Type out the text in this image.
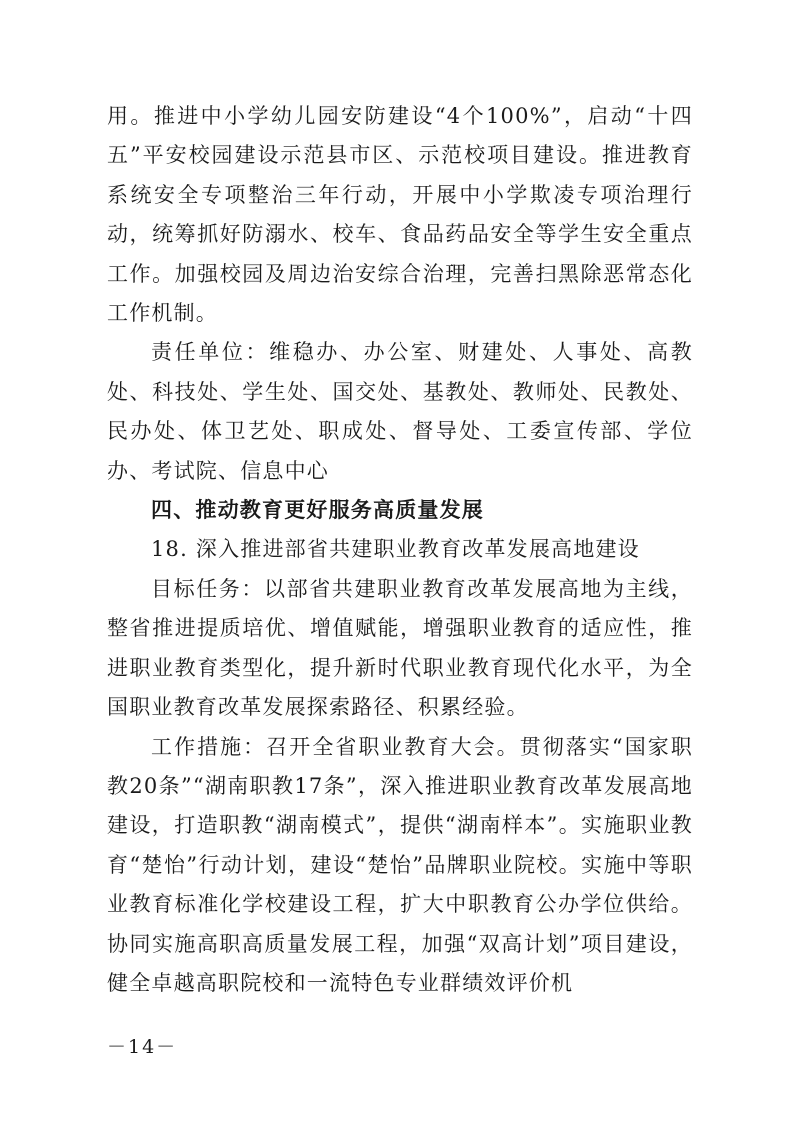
用。推进中小学幼儿园安防建设“4个100%”，启动“十四五”平安校园建设示范县市区、示范校项目建设。推进教育系统安全专项整治三年行动，开展中小学欺凌专项治理行动，统筹抓好防溺水、校车、食品药品安全等学生安全重点工作。加强校园及周边治安综合治理，完善扫黑除恶常态化工作机制。

责任单位：维稳办、办公室、财建处、人事处、高教处、科技处、学生处、国交处、基教处、教师处、民教处、民办处、体卫艺处、职成处、督导处、工委宣传部、学位办、考试院、信息中心

四、推动教育更好服务高质量发展

18. 深入推进部省共建职业教育改革发展高地建设

目标任务：以部省共建职业教育改革发展高地为主线，整省推进提质培优、增值赋能，增强职业教育的适应性，推进职业教育类型化，提升新时代职业教育现代化水平，为全国职业教育改革发展探索路径、积累经验。

工作措施：召开全省职业教育大会。贯彻落实“国家职教20条”“湖南职教17条”，深入推进职业教育改革发展高地建设，打造职教“湖南模式”，提供“湖南样本”。实施职业教育“楚怡”行动计划，建设“楚怡”品牌职业院校。实施中等职业教育标准化学校建设工程，扩大中职教育公办学位供给。协同实施高职高质量发展工程，加强“双高计划”项目建设，健全卓越高职院校和一流特色专业群绩效评价机

－14－
